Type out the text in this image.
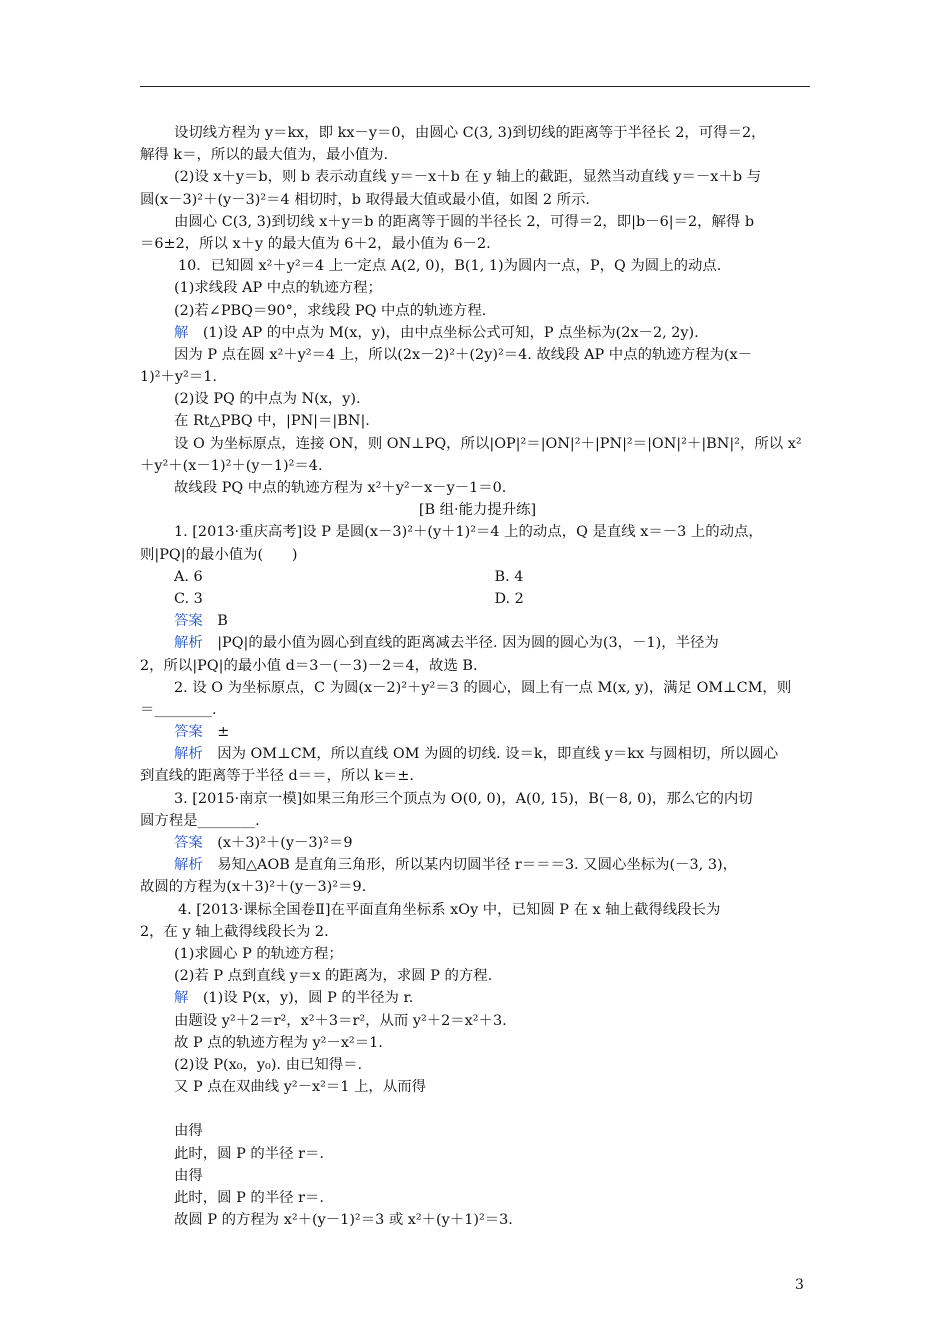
设切线方程为 y＝kx，即 kx－y＝0，由圆心 C(3, 3)到切线的距离等于半径长 2，可得＝2，
解得 k＝，所以的最大值为，最小值为.
(2)设 x＋y＝b，则 b 表示动直线 y＝－x＋b 在 y 轴上的截距，显然当动直线 y＝－x＋b 与
圆(x－3)²＋(y－3)²＝4 相切时，b 取得最大值或最小值，如图 2 所示.
由圆心 C(3, 3)到切线 x＋y＝b 的距离等于圆的半径长 2，可得＝2，即|b－6|＝2，解得 b
＝6±2，所以 x＋y 的最大值为 6＋2，最小值为 6－2.
10．已知圆 x²＋y²＝4 上一定点 A(2, 0)，B(1, 1)为圆内一点，P，Q 为圆上的动点.
(1)求线段 AP 中点的轨迹方程；
(2)若∠PBQ＝90°，求线段 PQ 中点的轨迹方程.
解　 (1)设 AP 的中点为 M(x，y)，由中点坐标公式可知，P 点坐标为(2x－2, 2y).
因为 P 点在圆 x²＋y²＝4 上，所以(2x－2)²＋(2y)²＝4. 故线段 AP 中点的轨迹方程为(x－
1)²＋y²＝1.
(2)设 PQ 的中点为 N(x，y).
在 Rt△PBQ 中，|PN|＝|BN|.
设 O 为坐标原点，连接 ON，则 ON⊥PQ，所以|OP|²＝|ON|²＋|PN|²＝|ON|²＋|BN|²，所以 x²
＋y²＋(x－1)²＋(y－1)²＝4.
故线段 PQ 中点的轨迹方程为 x²＋y²－x－y－1＝0.
[B 组·能力提升练]
1. [2013·重庆高考]设 P 是圆(x－3)²＋(y＋1)²＝4 上的动点，Q 是直线 x＝－3 上的动点，
则|PQ|的最小值为(　　)
A. 6	B. 4
C. 3	D. 2
答案　 B
解析　 |PQ|的最小值为圆心到直线的距离减去半径. 因为圆的圆心为(3，－1)，半径为
2，所以|PQ|的最小值 d＝3－(－3)－2＝4，故选 B.
2. 设 O 为坐标原点，C 为圆(x－2)²＋y²＝3 的圆心，圆上有一点 M(x, y)，满足 OM⊥CM，则
＝________.
答案　 ±
解析　 因为 OM⊥CM，所以直线 OM 为圆的切线. 设＝k，即直线 y＝kx 与圆相切，所以圆心
到直线的距离等于半径 d＝＝，所以 k＝±.
3. [2015·南京一模]如果三角形三个顶点为 O(0, 0)，A(0, 15)，B(－8, 0)，那么它的内切
圆方程是________.
答案　 (x＋3)²＋(y－3)²＝9
解析　 易知△AOB 是直角三角形，所以某内切圆半径 r＝＝＝3. 又圆心坐标为(－3, 3)，
故圆的方程为(x＋3)²＋(y－3)²＝9.
4. [2013·课标全国卷Ⅱ]在平面直角坐标系 xOy 中，已知圆 P 在 x 轴上截得线段长为
2，在 y 轴上截得线段长为 2.
(1)求圆心 P 的轨迹方程；
(2)若 P 点到直线 y＝x 的距离为，求圆 P 的方程.
解　 (1)设 P(x，y)，圆 P 的半径为 r.
由题设 y²＋2＝r²，x²＋3＝r²，从而 y²＋2＝x²＋3.
故 P 点的轨迹方程为 y²－x²＝1.
(2)设 P(x₀，y₀). 由已知得＝.
又 P 点在双曲线 y²－x²＝1 上，从而得
由得
此时，圆 P 的半径 r＝.
由得
此时，圆 P 的半径 r＝.
故圆 P 的方程为 x²＋(y－1)²＝3 或 x²＋(y＋1)²＝3.
3
